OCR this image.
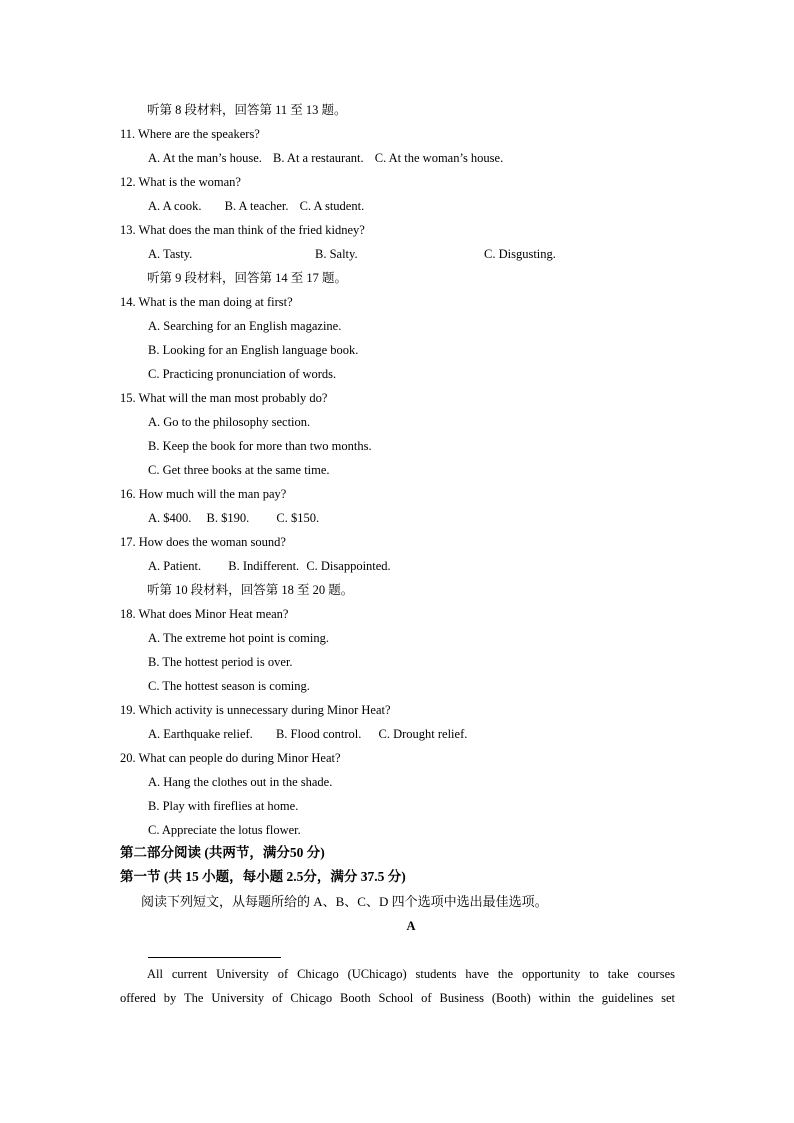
听第 8 段材料，回答第 11 至 13 题。
11. Where are the speakers?
A. At the man’s house. B. At a restaurant. C. At the woman’s house.
12. What is the woman?
A. A cook. B. A teacher. C. A student.
13. What does the man think of the fried kidney?
A. Tasty.	B. Salty.	C. Disgusting.
听第 9 段材料，回答第 14 至 17 题。
14. What is the man doing at first?
A. Searching for an English magazine.
B. Looking for an English language book.
C. Practicing pronunciation of words.
15. What will the man most probably do?
A. Go to the philosophy section.
B. Keep the book for more than two months.
C. Get three books at the same time.
16. How much will the man pay?
A. $400. B. $190. C. $150.
17. How does the woman sound?
A. Patient. B. Indifferent. C. Disappointed.
听第 10 段材料，回答第 18 至 20 题。
18. What does Minor Heat mean?
A. The extreme hot point is coming.
B. The hottest period is over.
C. The hottest season is coming.
19. Which activity is unnecessary during Minor Heat?
A. Earthquake relief. B. Flood control. C. Drought relief.
20. What can people do during Minor Heat?
A. Hang the clothes out in the shade.
B. Play with fireflies at home.
C. Appreciate the lotus flower.
第二部分阅读 (共两节，满分50 分)
第一节 (共 15 小题，每小题 2.5分，满分 37.5 分)
阅读下列短文，从每题所给的 A、B、C、D 四个选项中选出最佳选项。
A
All current University of Chicago (UChicago) students have the opportunity to take courses
offered by The University of Chicago Booth School of Business (Booth) within the guidelines set
